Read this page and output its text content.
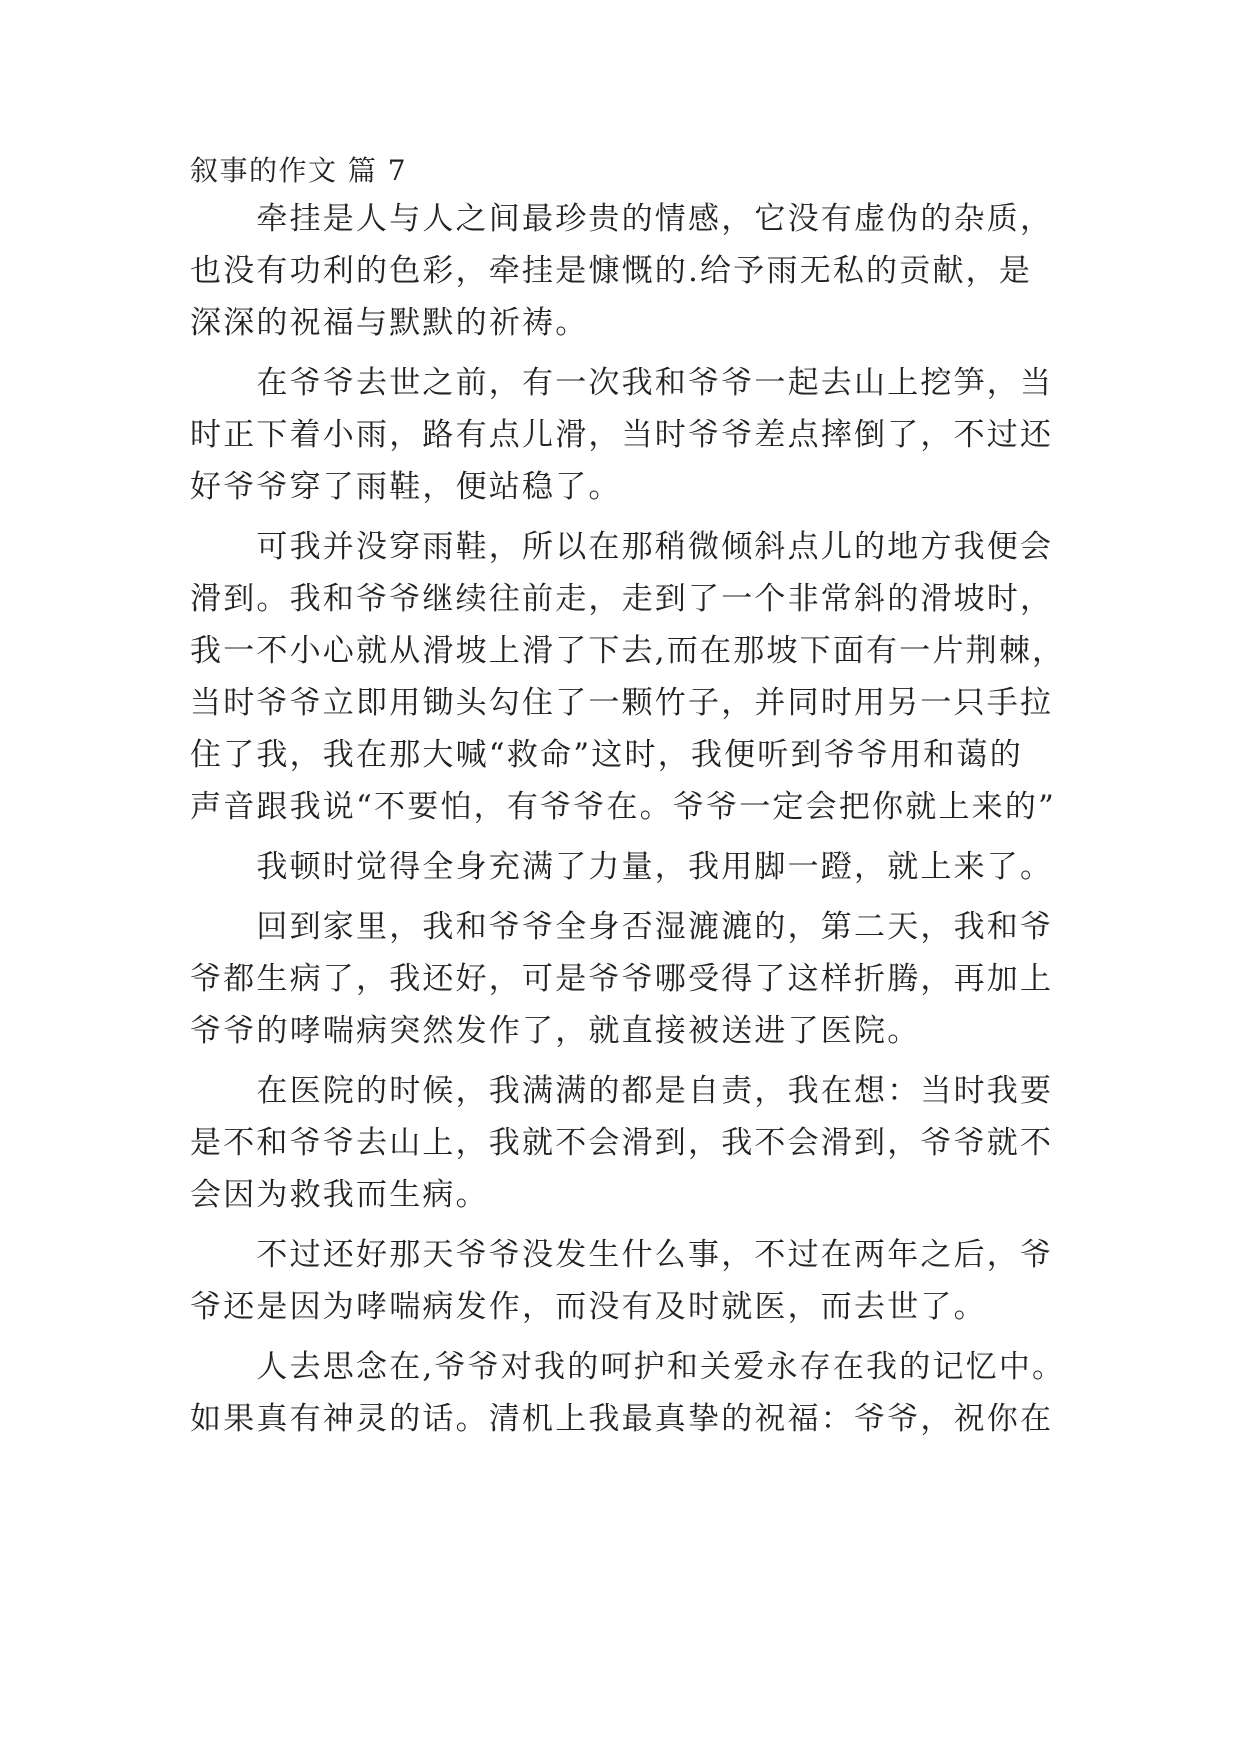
叙事的作文 篇 7
　　牵挂是人与人之间最珍贵的情感，它没有虚伪的杂质，
也没有功利的色彩，牵挂是慷慨的.给予雨无私的贡献，是
深深的祝福与默默的祈祷。
　　在爷爷去世之前，有一次我和爷爷一起去山上挖笋，当
时正下着小雨，路有点儿滑，当时爷爷差点摔倒了，不过还
好爷爷穿了雨鞋，便站稳了。
　　可我并没穿雨鞋，所以在那稍微倾斜点儿的地方我便会
滑到。我和爷爷继续往前走，走到了一个非常斜的滑坡时，
我一不小心就从滑坡上滑了下去,而在那坡下面有一片荆棘，
当时爷爷立即用锄头勾住了一颗竹子，并同时用另一只手拉
住了我，我在那大喊“救命”这时，我便听到爷爷用和蔼的
声音跟我说“不要怕，有爷爷在。爷爷一定会把你就上来的”
　　我顿时觉得全身充满了力量，我用脚一蹬，就上来了。
　　回到家里，我和爷爷全身否湿漉漉的，第二天，我和爷
爷都生病了，我还好，可是爷爷哪受得了这样折腾，再加上
爷爷的哮喘病突然发作了，就直接被送进了医院。
　　在医院的时候，我满满的都是自责，我在想：当时我要
是不和爷爷去山上，我就不会滑到，我不会滑到，爷爷就不
会因为救我而生病。
　　不过还好那天爷爷没发生什么事，不过在两年之后，爷
爷还是因为哮喘病发作，而没有及时就医，而去世了。
　　人去思念在,爷爷对我的呵护和关爱永存在我的记忆中。
如果真有神灵的话。清机上我最真挚的祝福：爷爷，祝你在
